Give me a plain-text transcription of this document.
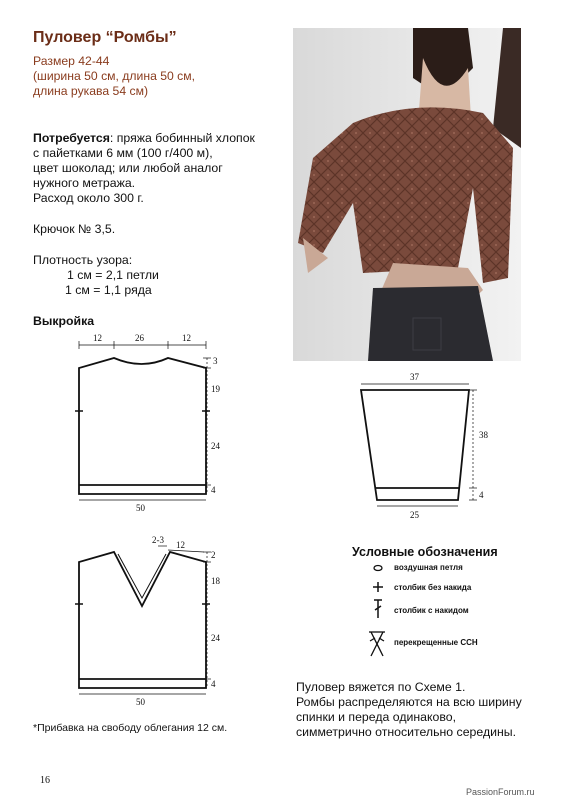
Пуловер “Ромбы”
Размер 42-44
(ширина 50 см, длина 50 см,
длина рукава 54 см)
Потребуется: пряжа бобинный хлопок
с пайетками 6 мм (100 г/400 м),
цвет шоколад; или любой аналог
нужного метража.
Расход около 300 г.
Крючок № 3,5.
Плотность узора:
1 см = 2,1 петли
1 см = 1,1 ряда
Выкройка
12	26	12
3
19
24
4
50
2-3 12
2
18
24
4
50
37
38
4
25
Условные обозначения
воздушная петля
столбик без накида
столбик с накидом
перекрещенные ССН
Пуловер вяжется по Схеме 1.
Ромбы распределяются на всю ширину
спинки и переда одинаково,
симметрично относительно середины.
*Прибавка на свободу облегания 12 см.
16
PassionForum.ru
